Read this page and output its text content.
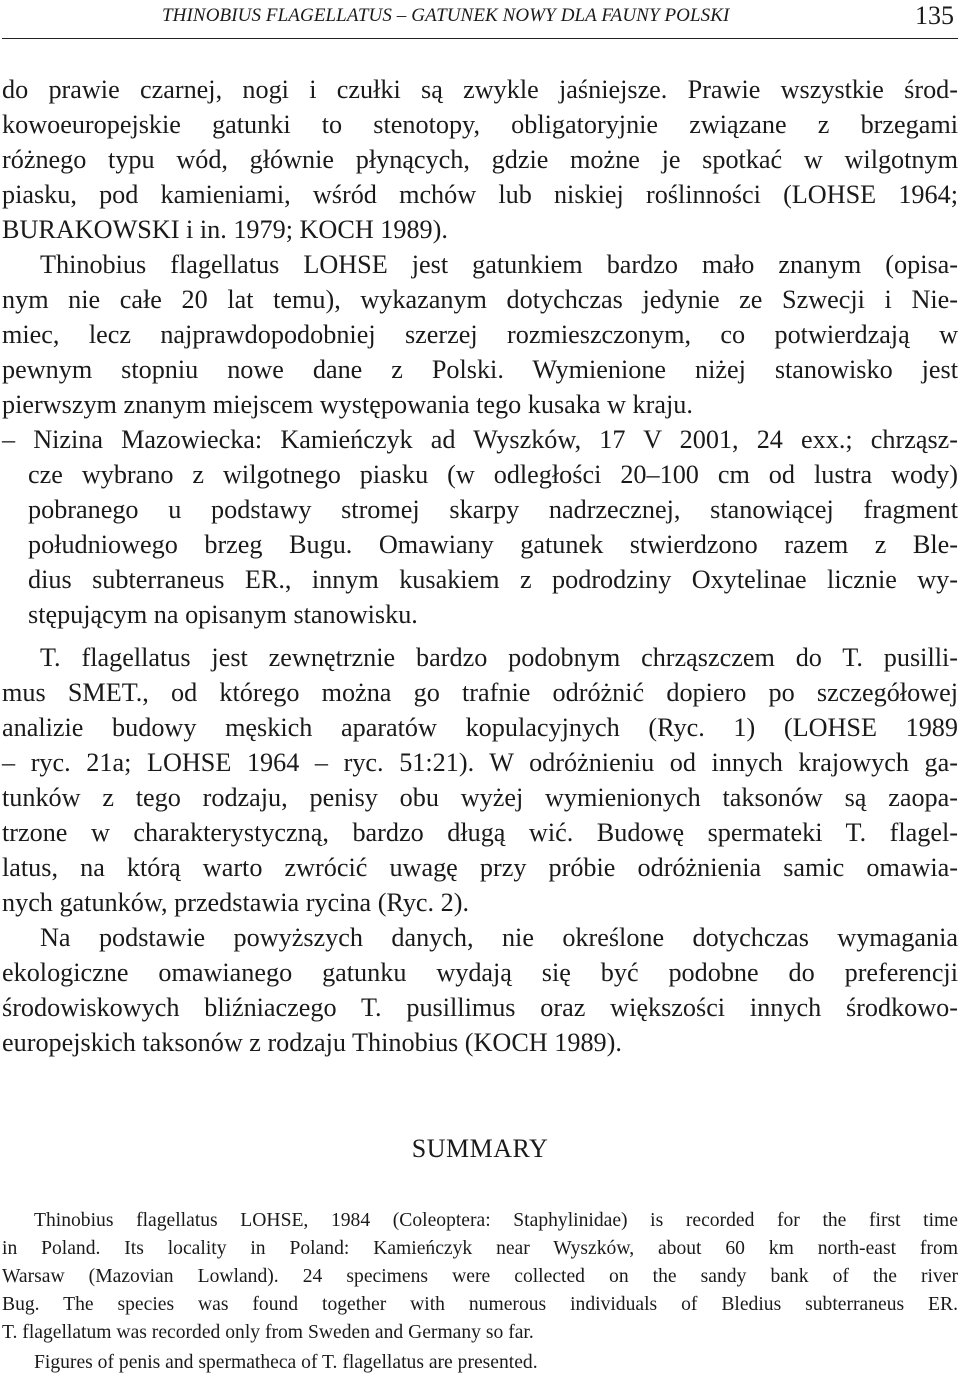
THINOBIUS FLAGELLATUS – GATUNEK NOWY DLA FAUNY POLSKI	135
do prawie czarnej, nogi i czułki są zwykle jaśniejsze. Prawie wszystkie środ-
kowoeuropejskie gatunki to stenotopy, obligatoryjnie związane z brzegami
różnego typu wód, głównie płynących, gdzie możne je spotkać w wilgotnym
piasku, pod kamieniami, wśród mchów lub niskiej roślinności (LOHSE 1964;
BURAKOWSKI i in. 1979; KOCH 1989).
Thinobius flagellatus LOHSE jest gatunkiem bardzo mało znanym (opisa-
nym nie całe 20 lat temu), wykazanym dotychczas jedynie ze Szwecji i Nie-
miec, lecz najprawdopodobniej szerzej rozmieszczonym, co potwierdzają w
pewnym stopniu nowe dane z Polski. Wymienione niżej stanowisko jest
pierwszym znanym miejscem występowania tego kusaka w kraju.
– Nizina Mazowiecka: Kamieńczyk ad Wyszków, 17 V 2001, 24 exx.; chrząsz-
cze wybrano z wilgotnego piasku (w odległości 20–100 cm od lustra wody)
pobranego u podstawy stromej skarpy nadrzecznej, stanowiącej fragment
południowego brzeg Bugu. Omawiany gatunek stwierdzono razem z Ble-
dius subterraneus ER., innym kusakiem z podrodziny Oxytelinae licznie wy-
stępującym na opisanym stanowisku.
T. flagellatus jest zewnętrznie bardzo podobnym chrząszczem do T. pusilli-
mus SMET., od którego można go trafnie odróżnić dopiero po szczegółowej
analizie budowy męskich aparatów kopulacyjnych (Ryc. 1) (LOHSE 1989
– ryc. 21a; LOHSE 1964 – ryc. 51:21). W odróżnieniu od innych krajowych ga-
tunków z tego rodzaju, penisy obu wyżej wymienionych taksonów są zaopa-
trzone w charakterystyczną, bardzo długą wić. Budowę spermateki T. flagel-
latus, na którą warto zwrócić uwagę przy próbie odróżnienia samic omawia-
nych gatunków, przedstawia rycina (Ryc. 2).
Na podstawie powyższych danych, nie określone dotychczas wymagania
ekologiczne omawianego gatunku wydają się być podobne do preferencji
środowiskowych bliźniaczego T. pusillimus oraz większości innych środkowo-
europejskich taksonów z rodzaju Thinobius (KOCH 1989).
SUMMARY
Thinobius flagellatus LOHSE, 1984 (Coleoptera: Staphylinidae) is recorded for the first time
in Poland. Its locality in Poland: Kamieńczyk near Wyszków, about 60 km north-east from
Warsaw (Mazovian Lowland). 24 specimens were collected on the sandy bank of the river
Bug. The species was found together with numerous individuals of Bledius subterraneus ER.
T. flagellatum was recorded only from Sweden and Germany so far.
Figures of penis and spermatheca of T. flagellatus are presented.
